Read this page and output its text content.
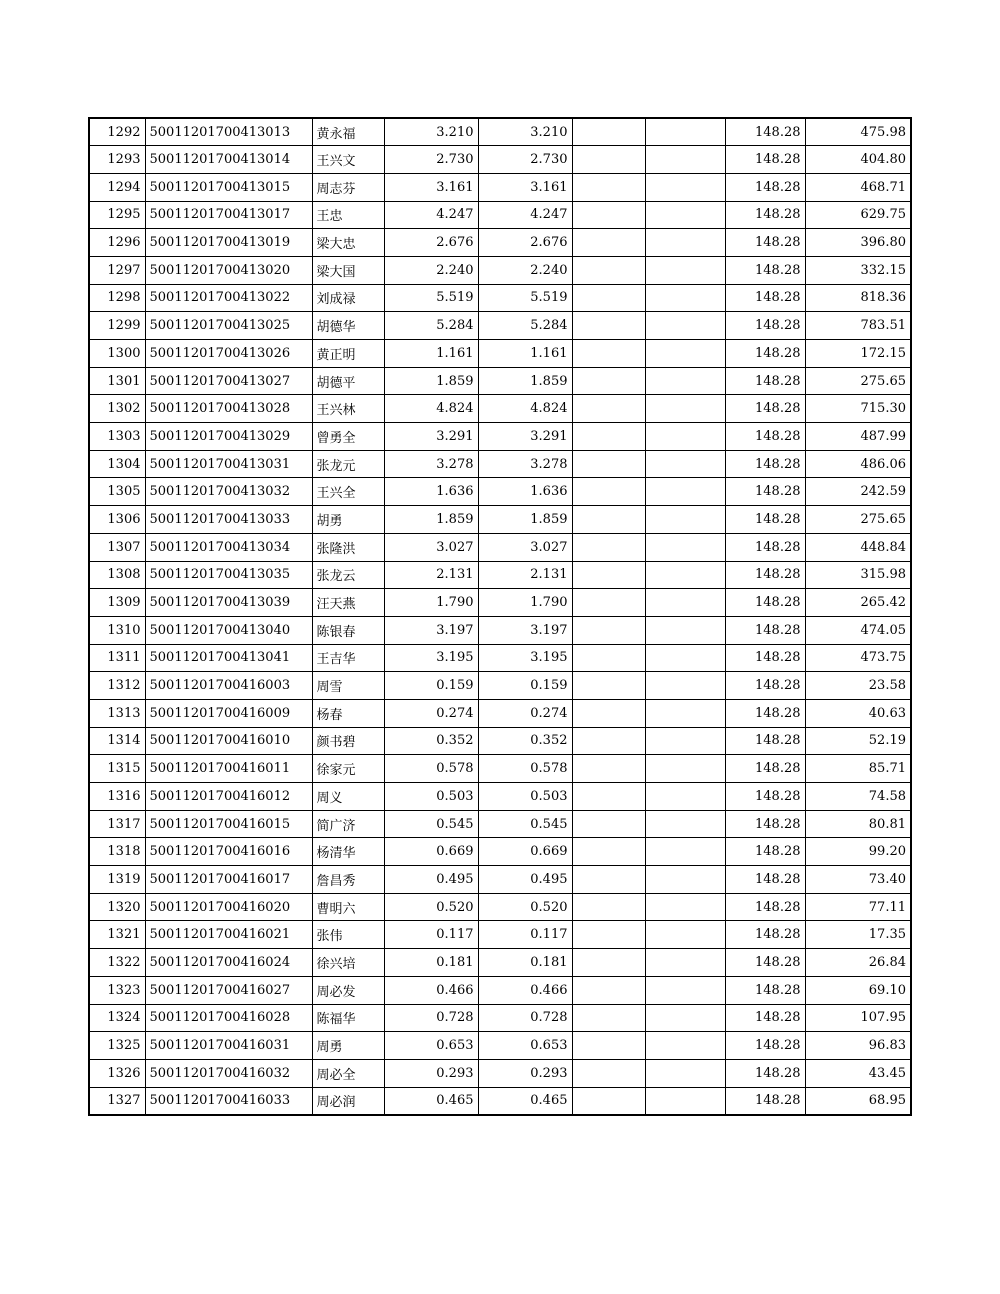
1292	50011201700413013	黄永福	3.210	3.210			148.28	475.98
1293	50011201700413014	王兴文	2.730	2.730			148.28	404.80
1294	50011201700413015	周志芬	3.161	3.161			148.28	468.71
1295	50011201700413017	王忠	4.247	4.247			148.28	629.75
1296	50011201700413019	梁大忠	2.676	2.676			148.28	396.80
1297	50011201700413020	梁大国	2.240	2.240			148.28	332.15
1298	50011201700413022	刘成禄	5.519	5.519			148.28	818.36
1299	50011201700413025	胡德华	5.284	5.284			148.28	783.51
1300	50011201700413026	黄正明	1.161	1.161			148.28	172.15
1301	50011201700413027	胡德平	1.859	1.859			148.28	275.65
1302	50011201700413028	王兴林	4.824	4.824			148.28	715.30
1303	50011201700413029	曾勇全	3.291	3.291			148.28	487.99
1304	50011201700413031	张龙元	3.278	3.278			148.28	486.06
1305	50011201700413032	王兴全	1.636	1.636			148.28	242.59
1306	50011201700413033	胡勇	1.859	1.859			148.28	275.65
1307	50011201700413034	张隆洪	3.027	3.027			148.28	448.84
1308	50011201700413035	张龙云	2.131	2.131			148.28	315.98
1309	50011201700413039	汪天燕	1.790	1.790			148.28	265.42
1310	50011201700413040	陈银春	3.197	3.197			148.28	474.05
1311	50011201700413041	王吉华	3.195	3.195			148.28	473.75
1312	50011201700416003	周雪	0.159	0.159			148.28	23.58
1313	50011201700416009	杨春	0.274	0.274			148.28	40.63
1314	50011201700416010	颜书碧	0.352	0.352			148.28	52.19
1315	50011201700416011	徐家元	0.578	0.578			148.28	85.71
1316	50011201700416012	周义	0.503	0.503			148.28	74.58
1317	50011201700416015	简广济	0.545	0.545			148.28	80.81
1318	50011201700416016	杨清华	0.669	0.669			148.28	99.20
1319	50011201700416017	詹昌秀	0.495	0.495			148.28	73.40
1320	50011201700416020	曹明六	0.520	0.520			148.28	77.11
1321	50011201700416021	张伟	0.117	0.117			148.28	17.35
1322	50011201700416024	徐兴培	0.181	0.181			148.28	26.84
1323	50011201700416027	周必发	0.466	0.466			148.28	69.10
1324	50011201700416028	陈福华	0.728	0.728			148.28	107.95
1325	50011201700416031	周勇	0.653	0.653			148.28	96.83
1326	50011201700416032	周必全	0.293	0.293			148.28	43.45
1327	50011201700416033	周必润	0.465	0.465			148.28	68.95
